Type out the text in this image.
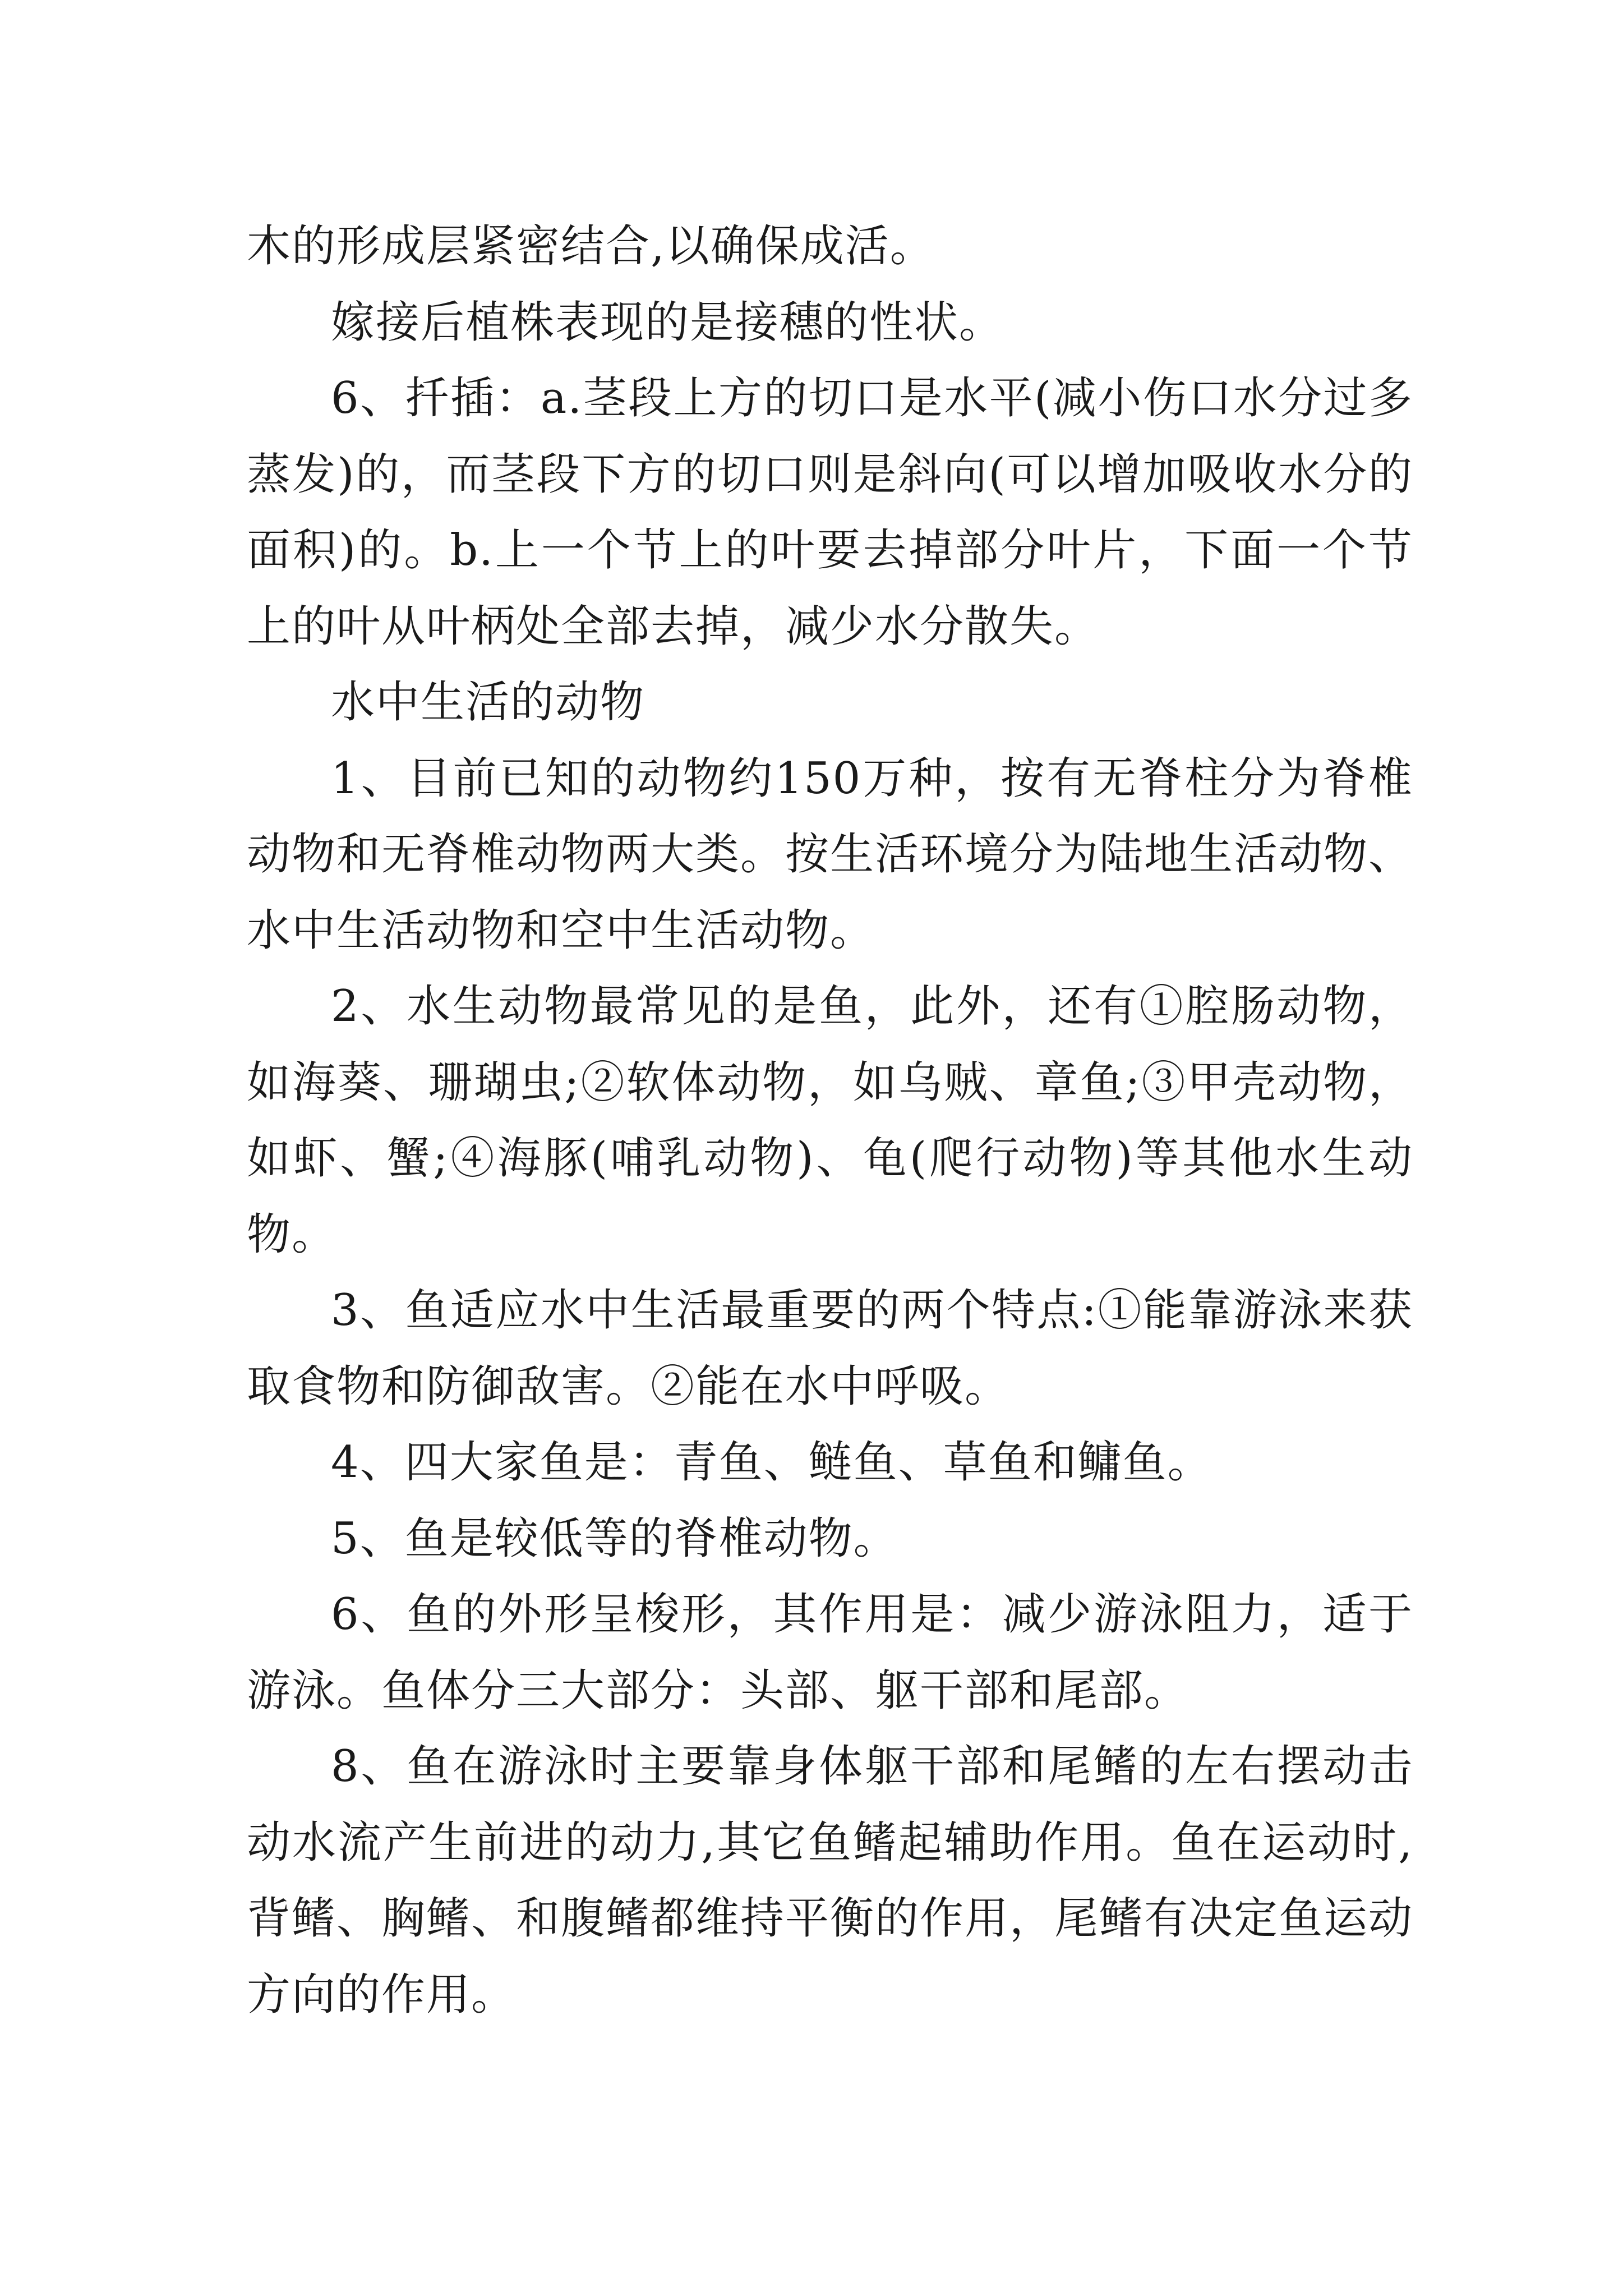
木的形成层紧密结合,以确保成活。

嫁接后植株表现的是接穗的性状。

6、扦插：a.茎段上方的切口是水平(减小伤口水分过多蒸发)的，而茎段下方的切口则是斜向(可以增加吸收水分的面积)的。b.上一个节上的叶要去掉部分叶片，下面一个节上的叶从叶柄处全部去掉，减少水分散失。

水中生活的动物

1、目前已知的动物约150万种，按有无脊柱分为脊椎动物和无脊椎动物两大类。按生活环境分为陆地生活动物、水中生活动物和空中生活动物。

2、水生动物最常见的是鱼，此外，还有①腔肠动物，如海葵、珊瑚虫;②软体动物，如乌贼、章鱼;③甲壳动物，如虾、蟹;④海豚(哺乳动物)、龟(爬行动物)等其他水生动物。

3、鱼适应水中生活最重要的两个特点:①能靠游泳来获取食物和防御敌害。②能在水中呼吸。

4、四大家鱼是：青鱼、鲢鱼、草鱼和鳙鱼。

5、鱼是较低等的脊椎动物。

6、鱼的外形呈梭形，其作用是：减少游泳阻力，适于游泳。鱼体分三大部分：头部、躯干部和尾部。

8、鱼在游泳时主要靠身体躯干部和尾鳍的左右摆动击动水流产生前进的动力,其它鱼鳍起辅助作用。鱼在运动时,背鳍、胸鳍、和腹鳍都维持平衡的作用，尾鳍有决定鱼运动方向的作用。
